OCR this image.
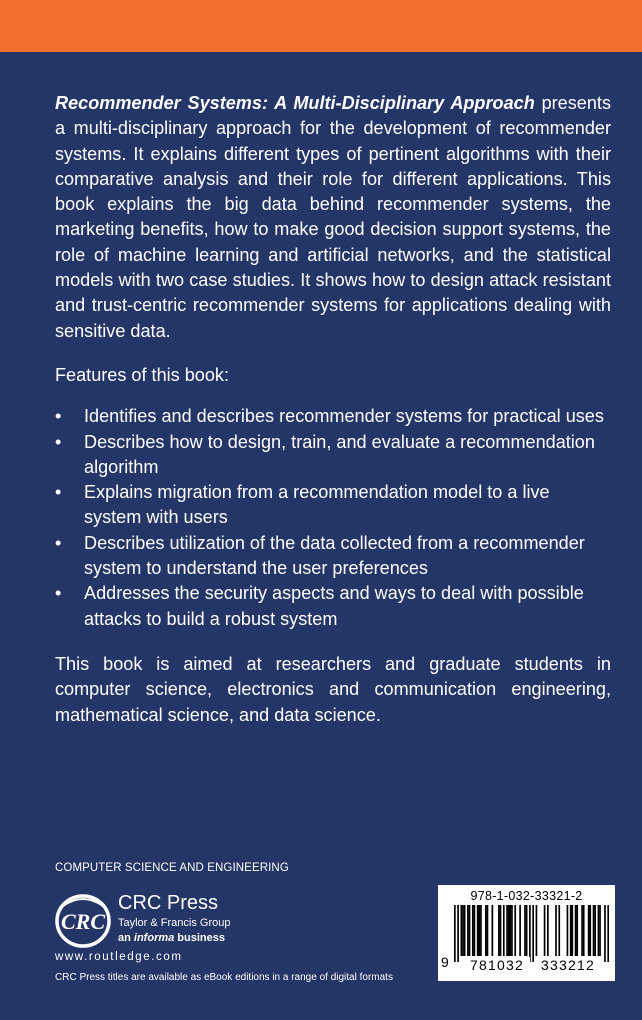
Recommender Systems: A Multi-Disciplinary Approach presents a multi-disciplinary approach for the development of recommender systems. It explains different types of pertinent algorithms with their comparative analysis and their role for different applications. This book explains the big data behind recommender systems, the marketing benefits, how to make good decision support systems, the role of machine learning and artificial networks, and the statistical models with two case studies. It shows how to design attack resistant and trust-centric recommender systems for applications dealing with sensitive data.

Features of this book:

• Identifies and describes recommender systems for practical uses
• Describes how to design, train, and evaluate a recommendation algorithm
• Explains migration from a recommendation model to a live system with users
• Describes utilization of the data collected from a recommender system to understand the user preferences
• Addresses the security aspects and ways to deal with possible attacks to build a robust system

This book is aimed at researchers and graduate students in computer science, electronics and communication engineering, mathematical science, and data science.

COMPUTER SCIENCE AND ENGINEERING
CRC
CRC Press
Taylor & Francis Group
an informa business
www.routledge.com
CRC Press titles are available as eBook editions in a range of digital formats
978-1-032-33321-2
9	781032	333212
